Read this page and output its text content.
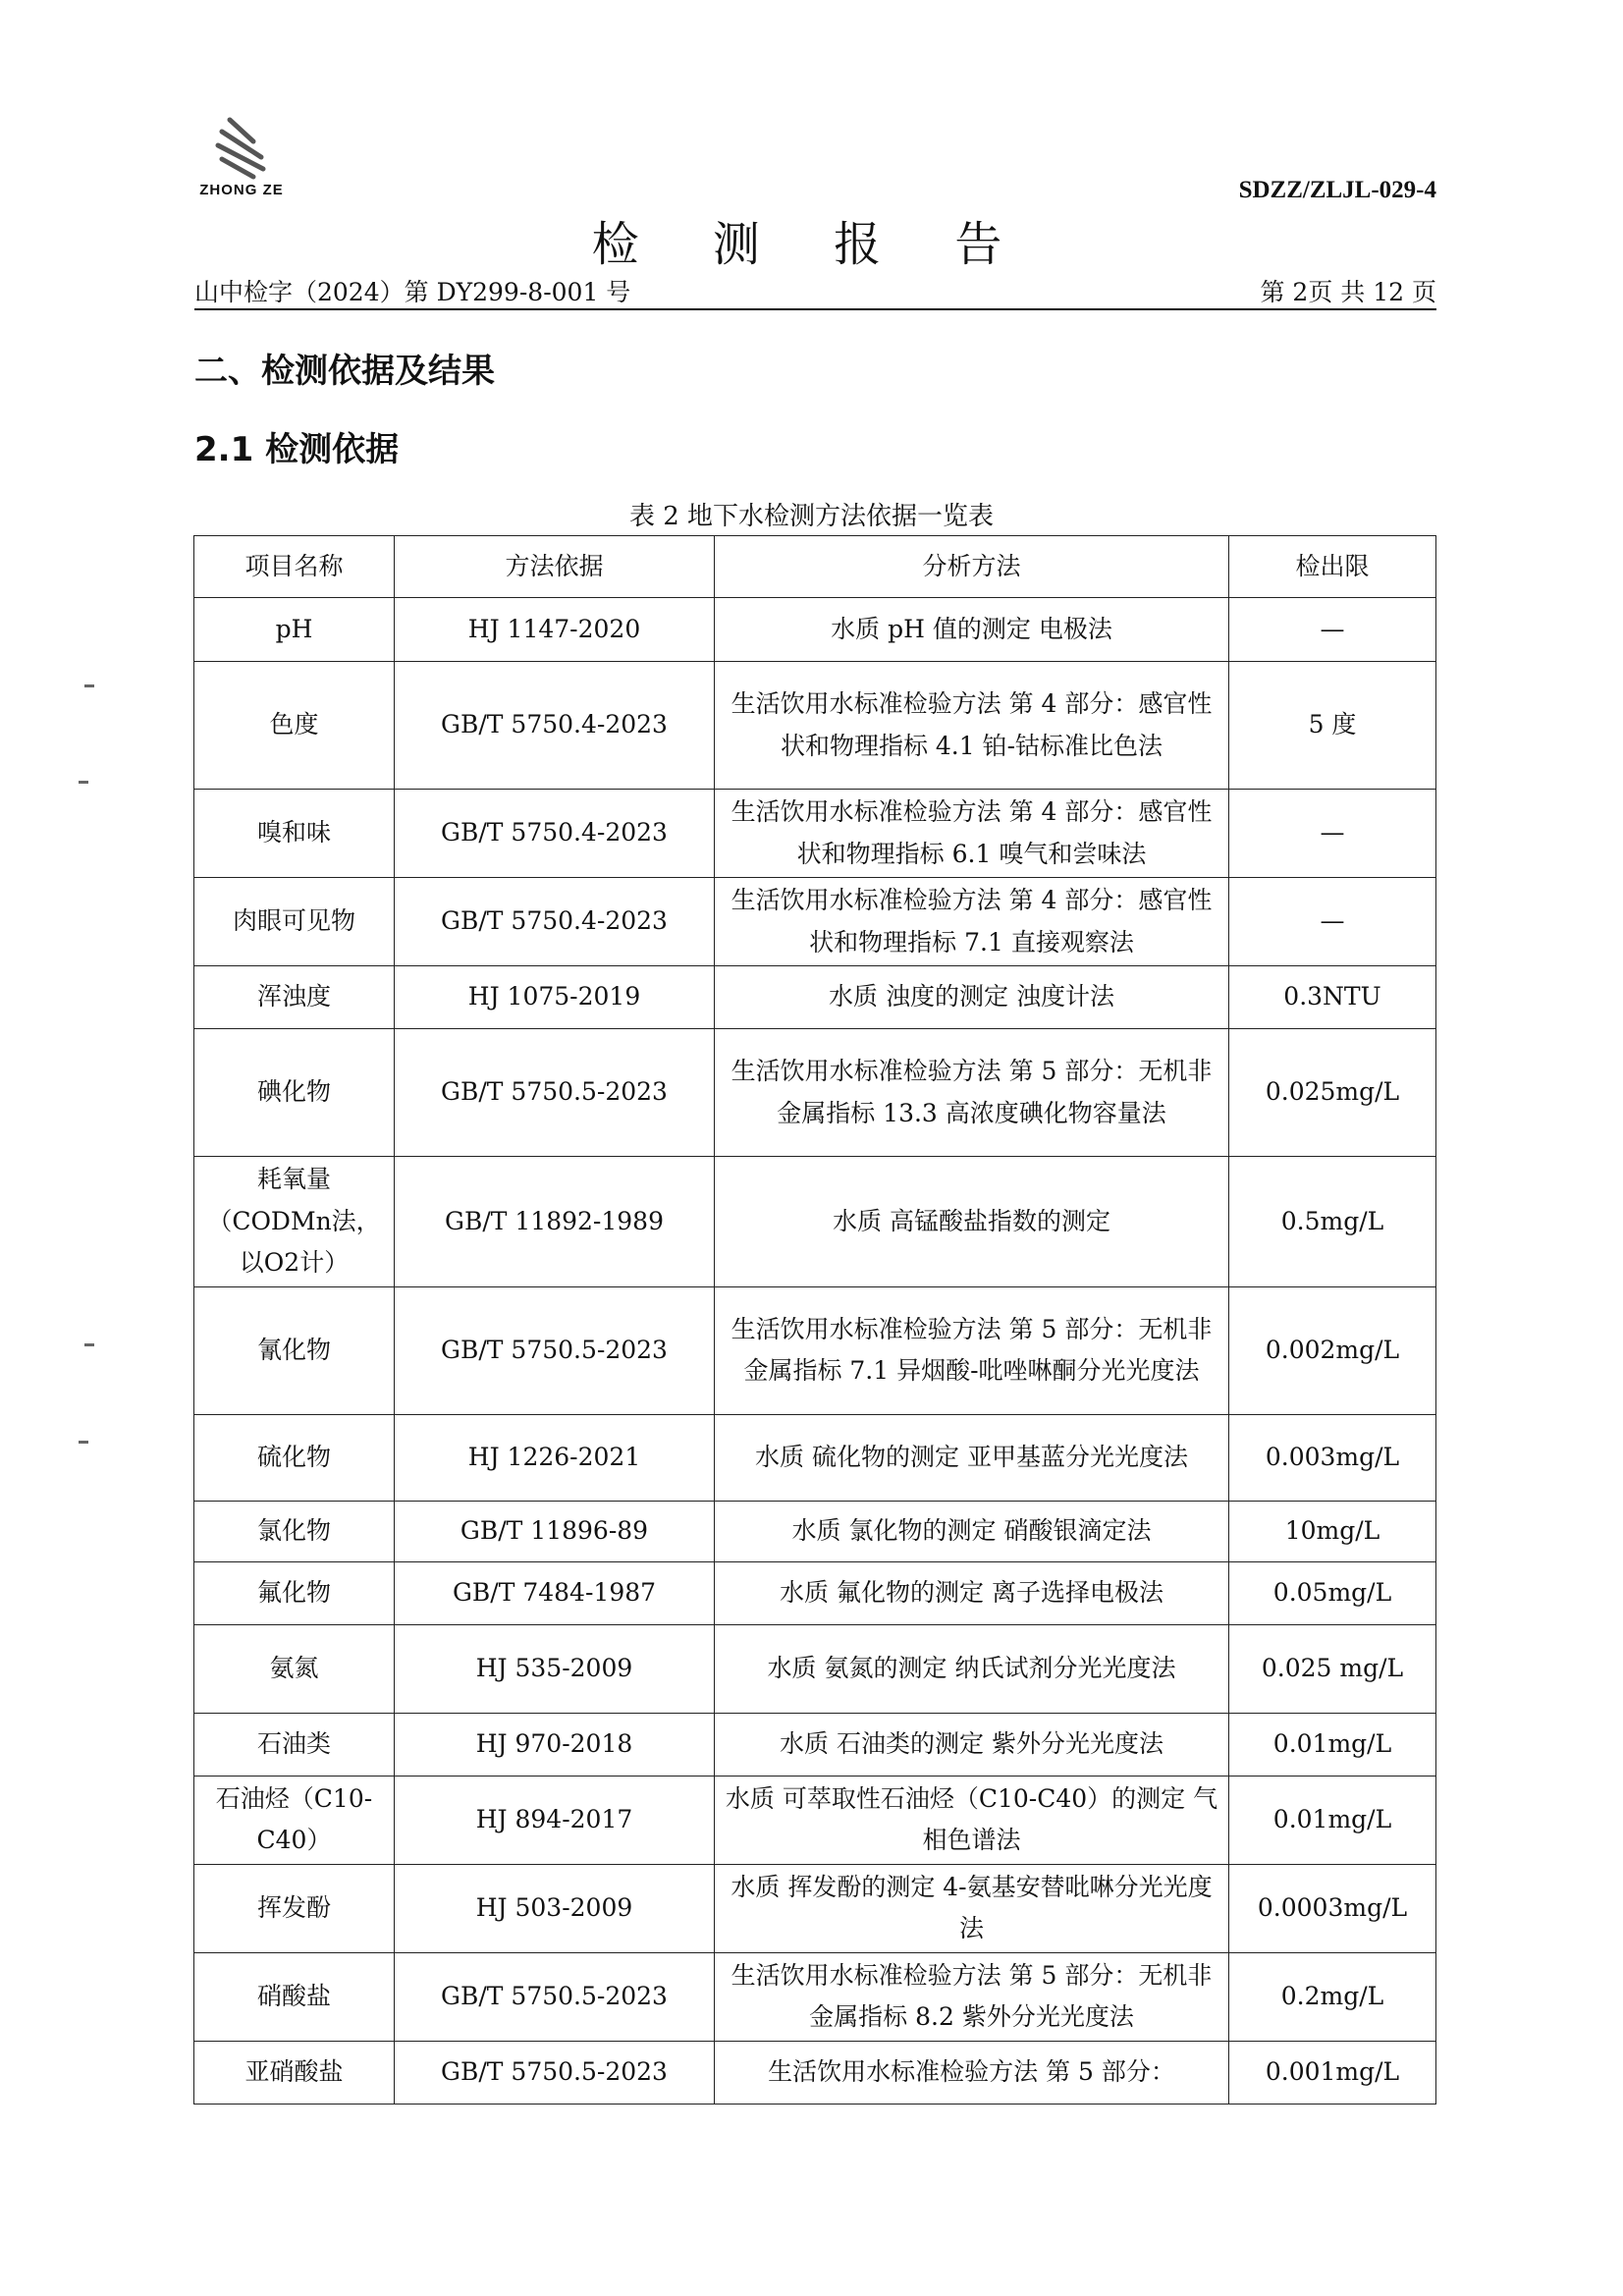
ZHONG ZE	SDZZ/ZLJL-029-4
检 测 报 告
山中检字（2024）第 DY299-8-001 号	第 2页 共 12 页
二、检测依据及结果
2.1 检测依据
表 2 地下水检测方法依据一览表
项目名称	方法依据	分析方法	检出限
pH	HJ 1147-2020	水质 pH 值的测定 电极法	—
色度	GB/T 5750.4-2023	生活饮用水标准检验方法 第 4 部分：感官性状和物理指标 4.1 铂-钴标准比色法	5 度
嗅和味	GB/T 5750.4-2023	生活饮用水标准检验方法 第 4 部分：感官性状和物理指标 6.1 嗅气和尝味法	—
肉眼可见物	GB/T 5750.4-2023	生活饮用水标准检验方法 第 4 部分：感官性状和物理指标 7.1 直接观察法	—
浑浊度	HJ 1075-2019	水质 浊度的测定 浊度计法	0.3NTU
碘化物	GB/T 5750.5-2023	生活饮用水标准检验方法 第 5 部分：无机非金属指标 13.3 高浓度碘化物容量法	0.025mg/L
耗氧量（CODMn法，以O2计）	GB/T 11892-1989	水质 高锰酸盐指数的测定	0.5mg/L
氰化物	GB/T 5750.5-2023	生活饮用水标准检验方法 第 5 部分：无机非金属指标 7.1 异烟酸-吡唑啉酮分光光度法	0.002mg/L
硫化物	HJ 1226-2021	水质 硫化物的测定 亚甲基蓝分光光度法	0.003mg/L
氯化物	GB/T 11896-89	水质 氯化物的测定 硝酸银滴定法	10mg/L
氟化物	GB/T 7484-1987	水质 氟化物的测定 离子选择电极法	0.05mg/L
氨氮	HJ 535-2009	水质 氨氮的测定 纳氏试剂分光光度法	0.025 mg/L
石油类	HJ 970-2018	水质 石油类的测定 紫外分光光度法	0.01mg/L
石油烃（C10-C40）	HJ 894-2017	水质 可萃取性石油烃（C10-C40）的测定 气相色谱法	0.01mg/L
挥发酚	HJ 503-2009	水质 挥发酚的测定 4-氨基安替吡啉分光光度法	0.0003mg/L
硝酸盐	GB/T 5750.5-2023	生活饮用水标准检验方法 第 5 部分：无机非金属指标 8.2 紫外分光光度法	0.2mg/L
亚硝酸盐	GB/T 5750.5-2023	生活饮用水标准检验方法 第 5 部分：	0.001mg/L
